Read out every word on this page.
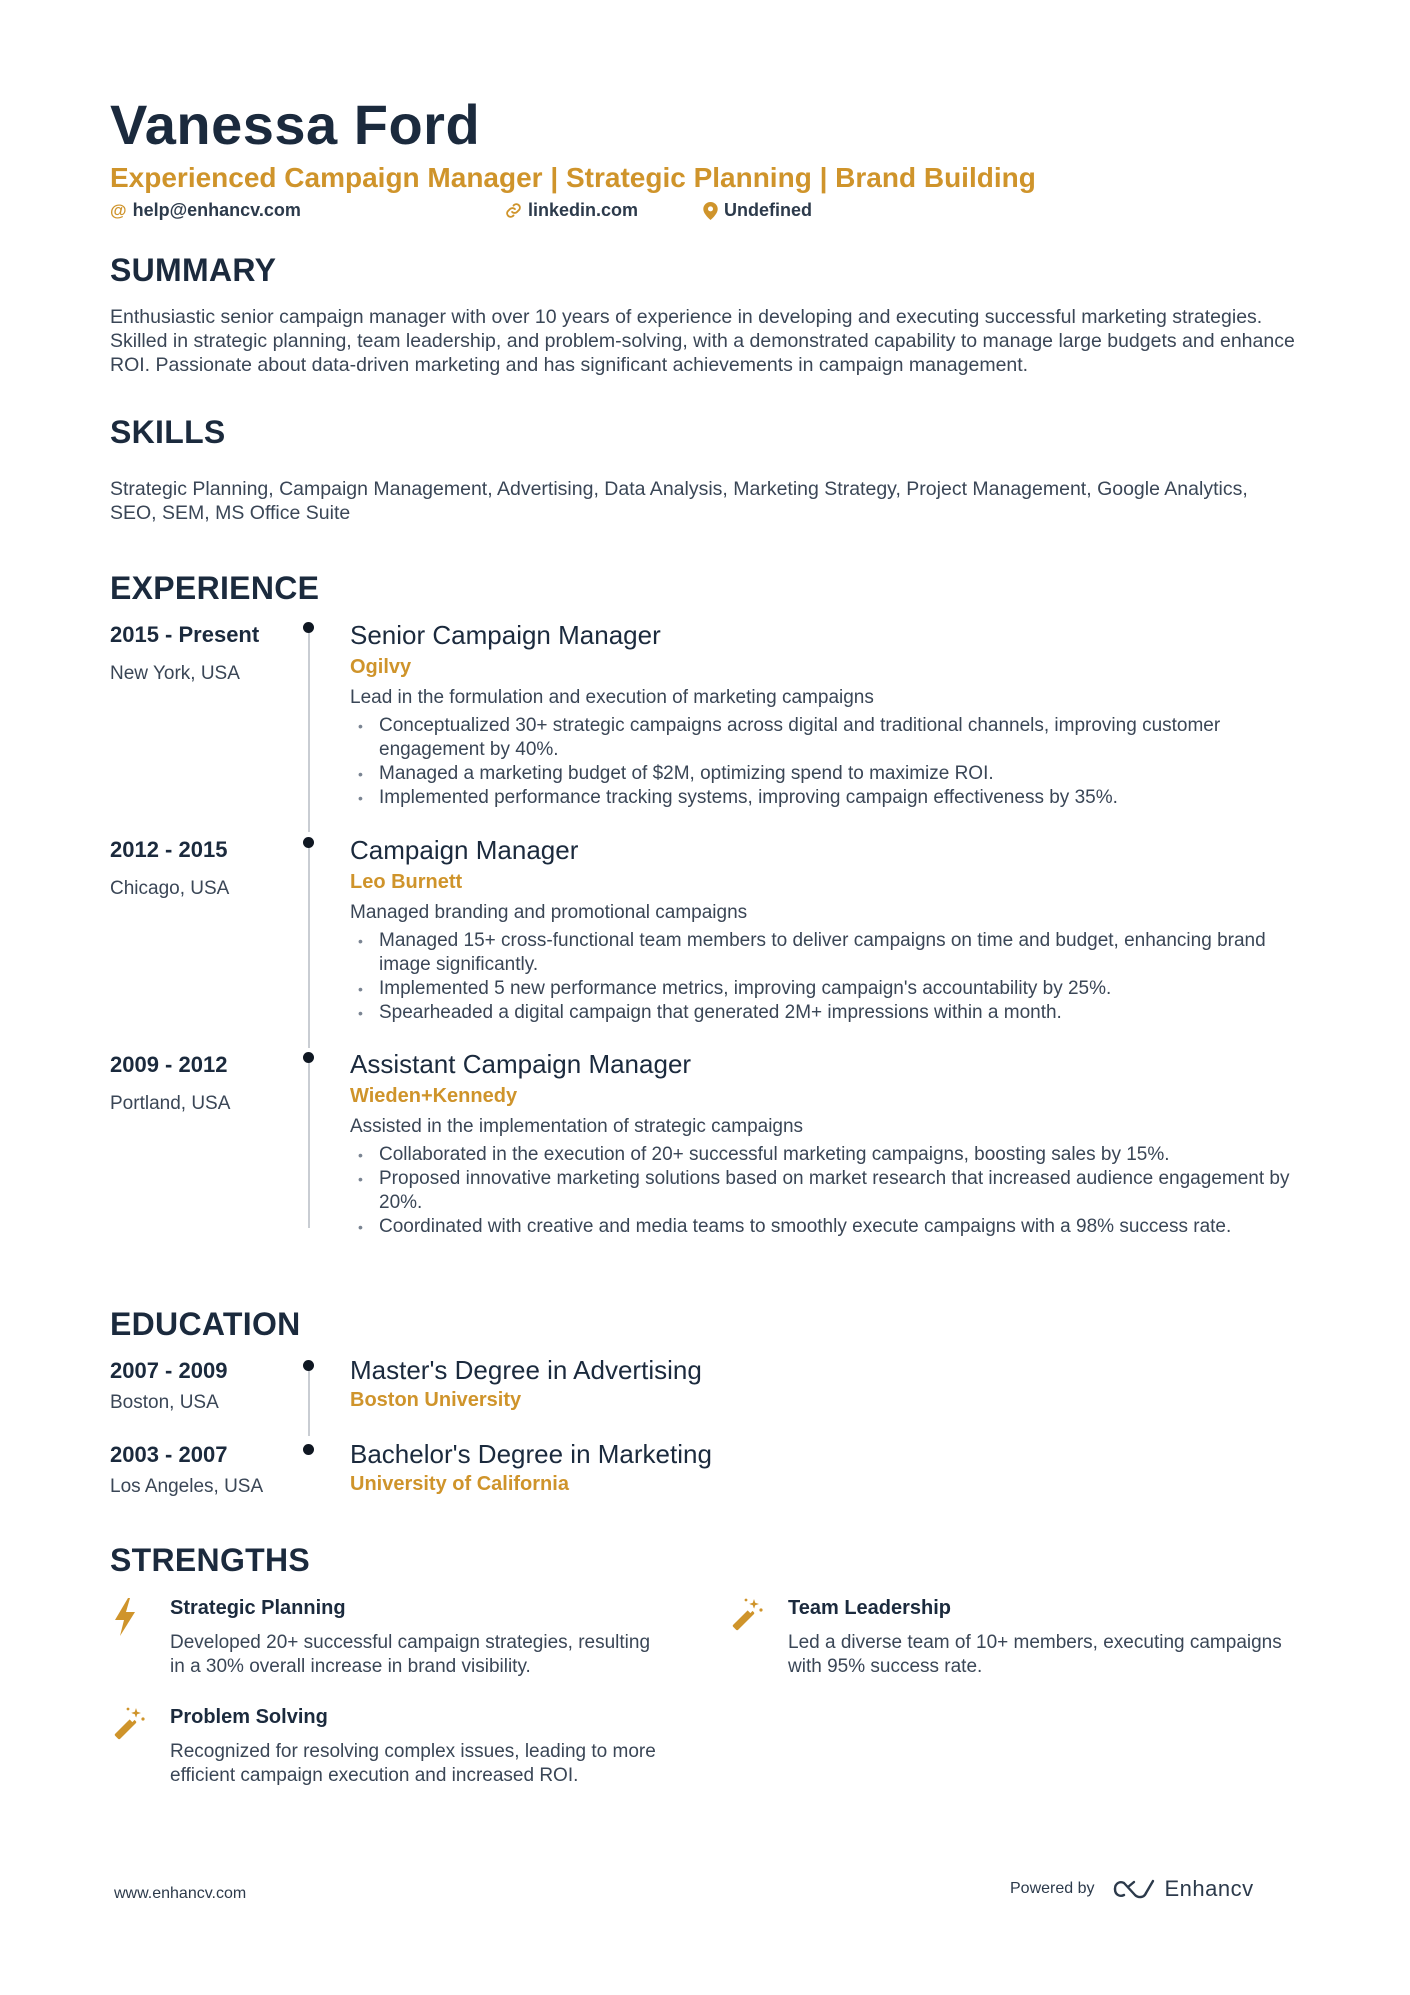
Vanessa Ford
Experienced Campaign Manager | Strategic Planning | Brand Building
@ help@enhancv.com	linkedin.com	Undefined
SUMMARY
Enthusiastic senior campaign manager with over 10 years of experience in developing and executing successful marketing strategies. Skilled in strategic planning, team leadership, and problem-solving, with a demonstrated capability to manage large budgets and enhance ROI. Passionate about data-driven marketing and has significant achievements in campaign management.
SKILLS
Strategic Planning, Campaign Management, Advertising, Data Analysis, Marketing Strategy, Project Management, Google Analytics, SEO, SEM, MS Office Suite
EXPERIENCE
2015 - Present
New York, USA
Senior Campaign Manager
Ogilvy
Lead in the formulation and execution of marketing campaigns
• Conceptualized 30+ strategic campaigns across digital and traditional channels, improving customer engagement by 40%.
• Managed a marketing budget of $2M, optimizing spend to maximize ROI.
• Implemented performance tracking systems, improving campaign effectiveness by 35%.
2012 - 2015
Chicago, USA
Campaign Manager
Leo Burnett
Managed branding and promotional campaigns
• Managed 15+ cross-functional team members to deliver campaigns on time and budget, enhancing brand image significantly.
• Implemented 5 new performance metrics, improving campaign's accountability by 25%.
• Spearheaded a digital campaign that generated 2M+ impressions within a month.
2009 - 2012
Portland, USA
Assistant Campaign Manager
Wieden+Kennedy
Assisted in the implementation of strategic campaigns
• Collaborated in the execution of 20+ successful marketing campaigns, boosting sales by 15%.
• Proposed innovative marketing solutions based on market research that increased audience engagement by 20%.
• Coordinated with creative and media teams to smoothly execute campaigns with a 98% success rate.
EDUCATION
2007 - 2009
Boston, USA
Master's Degree in Advertising
Boston University
2003 - 2007
Los Angeles, USA
Bachelor's Degree in Marketing
University of California
STRENGTHS
Strategic Planning
Developed 20+ successful campaign strategies, resulting in a 30% overall increase in brand visibility.
Team Leadership
Led a diverse team of 10+ members, executing campaigns with 95% success rate.
Problem Solving
Recognized for resolving complex issues, leading to more efficient campaign execution and increased ROI.
www.enhancv.com	Powered by	Enhancv
